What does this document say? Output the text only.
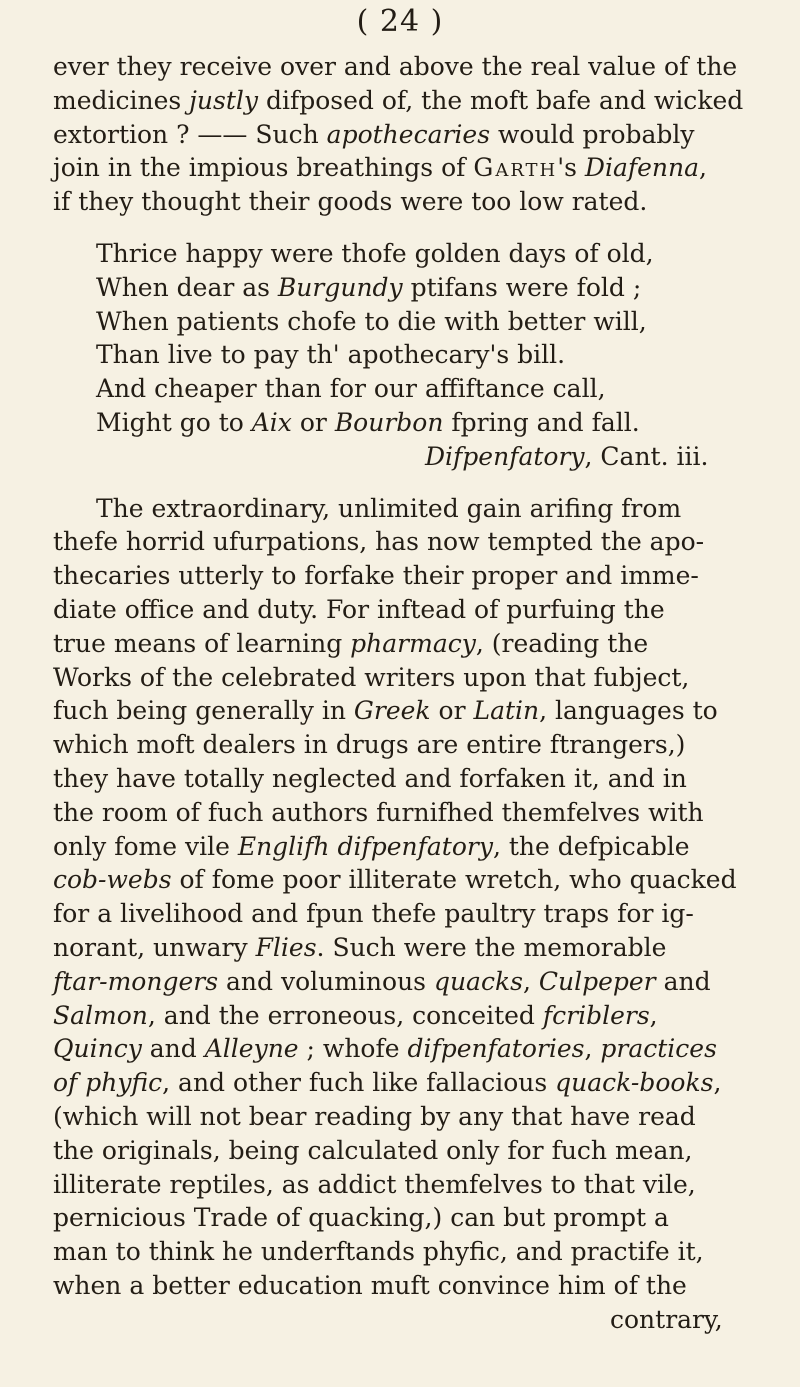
( 24 )
ever they receive over and above the real value of the
medicines justly difposed of, the moft bafe and wicked
extortion ? —— Such apothecaries would probably
join in the impious breathings of Garth's Diafenna,
if they thought their goods were too low rated.
Thrice happy were thofe golden days of old,
When dear as Burgundy ptifans were fold ;
When patients chofe to die with better will,
Than live to pay th' apothecary's bill.
And cheaper than for our affiftance call,
Might go to Aix or Bourbon fpring and fall.
Difpenfatory, Cant. iii.
The extraordinary, unlimited gain arifing from
thefe horrid ufurpations, has now tempted the apo-
thecaries utterly to forfake their proper and imme-
diate office and duty. For inftead of purfuing the
true means of learning pharmacy, (reading the
Works of the celebrated writers upon that fubject,
fuch being generally in Greek or Latin, languages to
which moft dealers in drugs are entire ftrangers,)
they have totally neglected and forfaken it, and in
the room of fuch authors furnifhed themfelves with
only fome vile Englifh difpenfatory, the defpicable
cob-webs of fome poor illiterate wretch, who quacked
for a livelihood and fpun thefe paultry traps for ig-
norant, unwary Flies. Such were the memorable
ftar-mongers and voluminous quacks, Culpeper and
Salmon, and the erroneous, conceited fcriblers,
Quincy and Alleyne ; whofe difpenfatories, practices
of phyfic, and other fuch like fallacious quack-books,
(which will not bear reading by any that have read
the originals, being calculated only for fuch mean,
illiterate reptiles, as addict themfelves to that vile,
pernicious Trade of quacking,) can but prompt a
man to think he underftands phyfic, and practife it,
when a better education muft convince him of the
contrary,
